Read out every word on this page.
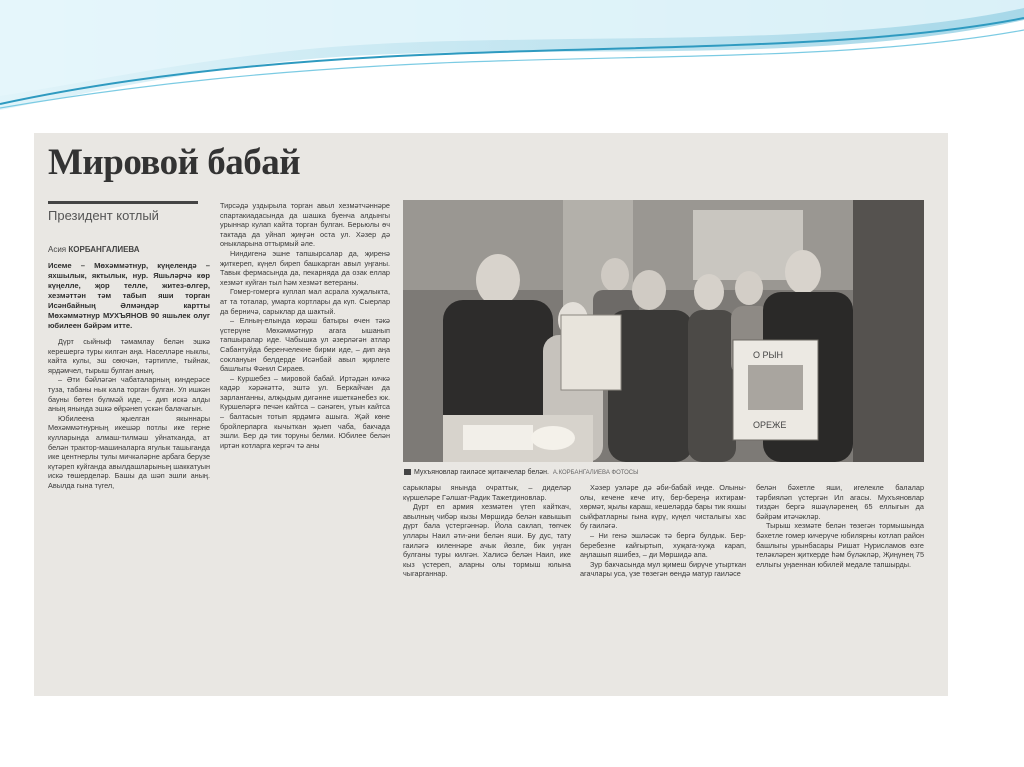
Мировой бабай
Президент котлый
Асия КОРБАНГАЛИЕВА
Исеме – Мөхәммәтнур, күңелендә – яхшылык, яктылык, нур. Яшьләрчә көр күңелле, җор телле, житез-өлгер, хезмәттән тәм табып яши торган Исәнбайның Әлмәндәр картты Мөхәммәтнур МУХЪЯНОВ 90 яшьлек олуг юбилеен бәйрәм итте.

Дүрт сыйныф тәмамлау белән эшкә керешергә туры килгән аңа. Населләре ныклы, кайта кулы, эш сөючән, тәртипле, тыйнак, ярдәмчел, тырыш булган аның.

– Әти бәйләгән чабаталарның киндерәсе туза, табаны нык кала торган булган. Ул ишкән бауны бөтен бүлмәй иде, – дип искә алды аның янында эшкә өйрәнеп үскән балачагын.

Юбилеена җыелган якыннары Мөхәммәтнурның икешәр потлы ике герне кулларында алмаш-тилмәш уйнатканда, ат белән трактор-машиналарга ягулык ташыганда ике центнерлы тулы мичкәләрне арбага берүзе күтәреп куйганда авылдашларының шаккатуын искә төшерделәр. Башы да шәп эшли аның. Авылда гына түгел,

Тирсәдә уздырыла торган авыл хезмәтчәннәре спартакиадасында да шашка буенча алдынгы урыннар кулап кайта торган булган. Берьюлы өч тактада да уйнап җиңгән оста ул. Хәзер дә оныкларына оттырмый әле.

Ниндигенә эшне тапшырсалар да, җиренә җиткереп, күңел биреп башкарган авыл уңганы. Тавык фермасында да, пекарняда да озак еллар хезмәт куйган тыл һәм хезмәт ветераны.

Гомер-гомергә куплап мал асрала хуҗалыкта, ат та тоталар, умарта кортлары да күп. Сыерлар да берничә, сарыклар да шактый.

– Елның-елында көрәш батыры өчен тәкә үстерүне Мөхәммәтнур агага ышанып тапшыралар иде. Чабышка ул әзерләгән атлар Сабантуйда беренчелекне бирми иде, – дип аңа соклануын белдерде Исәнбай авыл җирлеге башлыгы Фәнил Сираев.

– Куршебез – мировой бабай. Иртәдән кичкә кадәр хәрәкәттә, эштә ул. Беркайчан да зарланганны, алҗыдым дигәнне ишеткәнебез юк. Куршеләргә печән кайтса – сәнәген, утын кайтса – балтасын тотып ярдәмгә ашыга. Җәй көне бройлерларга кычыткан җыеп чаба, бакчада эшли. Бер дә тик торуны белми. Юбилее белән иртән котларга кергәч тә аны

О РЫН
ОРЕЖЕ
Мухъяновлар гаиләсе җитакчелар белән. А.КОРБАНГАЛИЕВА ФОТОСЫ

сарыклары янында очраттык, – диделәр күршеләре Гәлшат-Радик Тажетдиновлар.

Дүрт ел армия хезмәтен үтеп кайткач, авылның чибәр кызы Мөршидә белән кавышып дүрт бала үстергәннәр. Йола саклап, төпчек уллары Наил әти-әни белән яши. Бу дус, тату гаиләгә киленнәре ачык йөзле, бик уңган булганы туры килгән. Халисә белән Наил, ике кыз үстереп, аларны олы тормыш юлына чыгарганнар.

Хәзер уэләре дә әби-бабай инде. Олыны-олы, кечене кече итү, бер-береңә ихтирам-хөрмәт, җылы караш, кешеләрдә бары тик яхшы сыйфатларны гына күрү, күңел чисталыгы хас бу гаиләгә.

– Ни генә эшләсәк тә бергә булдык. Бер-беребезне кайгыртып, хуҗага-хуҗа карап, аңлашып яшибез, – ди Мөршидә апа.

Зур бакчасында мул җимеш бирүче утырткан агачлары уса, үзе төзегән өендә матур гаиләсе

белән бәхетле яши, игелекле балалар тәрбияләп үстергән Ил агасы. Мухъяновлар тиздән бергә яшәүләренең 65 еллыгын да бәйрәм итәчәкләр.

Тырыш хезмәте белән төзегән тормышында бәхетле гомер кичерүче юбилярны котлап район башлыгы урынбасары Ришат Нурисламов өзге теләкләрен җиткерде һәм бүләкләр, Җиңүнең 75 еллыгы уңаеннан юбилей медале тапшырды.
